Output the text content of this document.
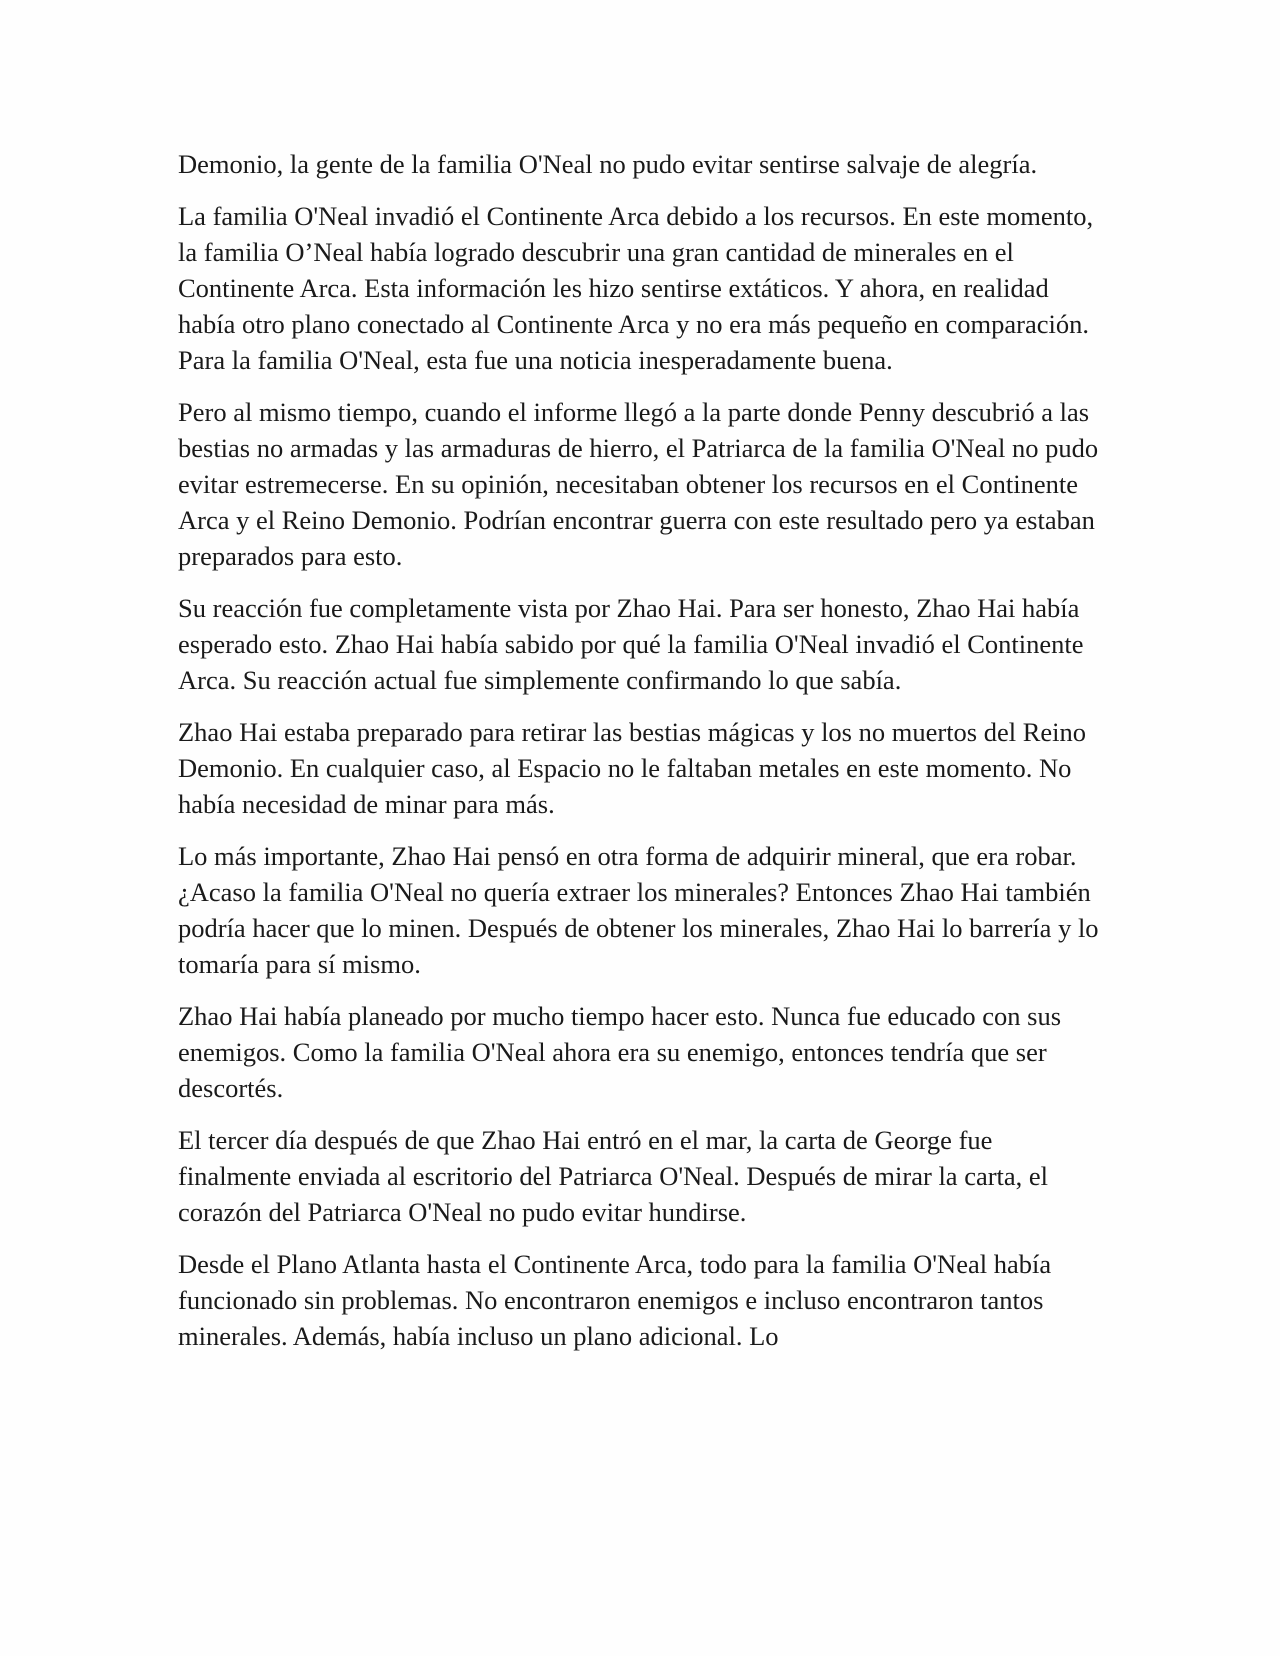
Demonio, la gente de la familia O'Neal no pudo evitar sentirse salvaje de alegría.

La familia O'Neal invadió el Continente Arca debido a los recursos. En este momento, la familia O’Neal había logrado descubrir una gran cantidad de minerales en el Continente Arca. Esta información les hizo sentirse extáticos. Y ahora, en realidad había otro plano conectado al Continente Arca y no era más pequeño en comparación. Para la familia O'Neal, esta fue una noticia inesperadamente buena.

Pero al mismo tiempo, cuando el informe llegó a la parte donde Penny descubrió a las bestias no armadas y las armaduras de hierro, el Patriarca de la familia O'Neal no pudo evitar estremecerse. En su opinión, necesitaban obtener los recursos en el Continente Arca y el Reino Demonio. Podrían encontrar guerra con este resultado pero ya estaban preparados para esto.

Su reacción fue completamente vista por Zhao Hai. Para ser honesto, Zhao Hai había esperado esto. Zhao Hai había sabido por qué la familia O'Neal invadió el Continente Arca. Su reacción actual fue simplemente confirmando lo que sabía.

Zhao Hai estaba preparado para retirar las bestias mágicas y los no muertos del Reino Demonio. En cualquier caso, al Espacio no le faltaban metales en este momento. No había necesidad de minar para más.

Lo más importante, Zhao Hai pensó en otra forma de adquirir mineral, que era robar. ¿Acaso la familia O'Neal no quería extraer los minerales? Entonces Zhao Hai también podría hacer que lo minen. Después de obtener los minerales, Zhao Hai lo barrería y lo tomaría para sí mismo.

Zhao Hai había planeado por mucho tiempo hacer esto. Nunca fue educado con sus enemigos. Como la familia O'Neal ahora era su enemigo, entonces tendría que ser descortés.

El tercer día después de que Zhao Hai entró en el mar, la carta de George fue finalmente enviada al escritorio del Patriarca O'Neal. Después de mirar la carta, el corazón del Patriarca O'Neal no pudo evitar hundirse.

Desde el Plano Atlanta hasta el Continente Arca, todo para la familia O'Neal había funcionado sin problemas. No encontraron enemigos e incluso encontraron tantos minerales. Además, había incluso un plano adicional. Lo
